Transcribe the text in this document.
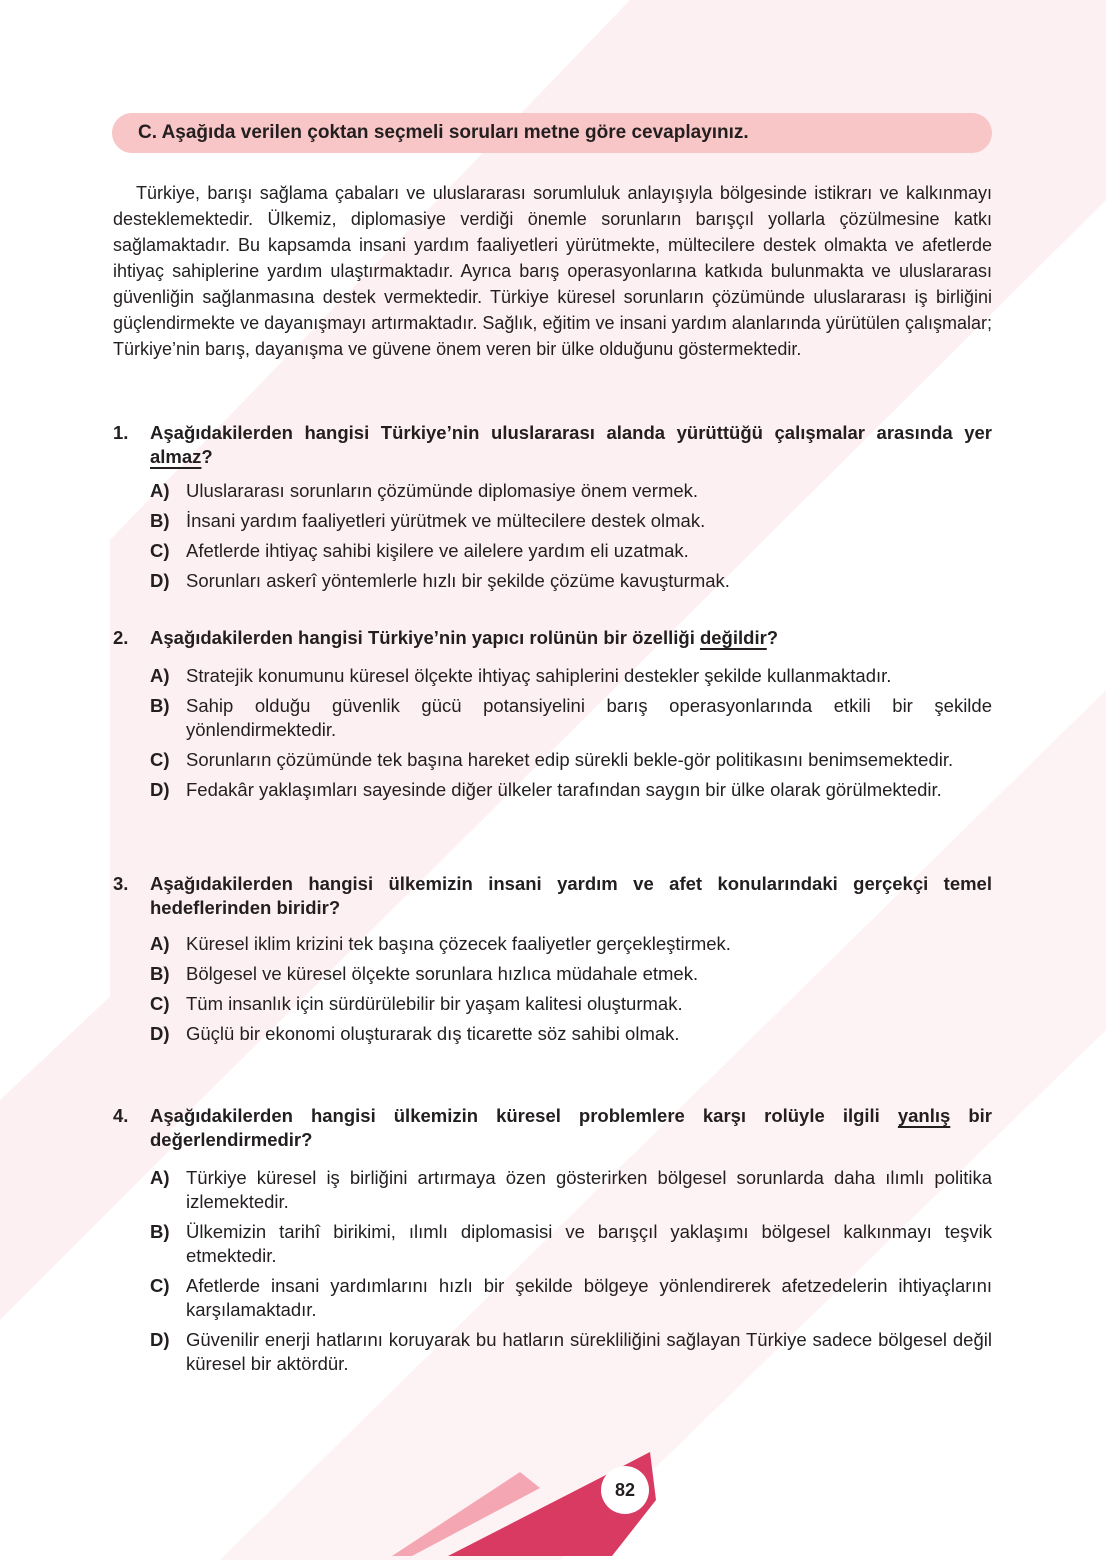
C. Aşağıda verilen çoktan seçmeli soruları metne göre cevaplayınız.

Türkiye, barışı sağlama çabaları ve uluslararası sorumluluk anlayışıyla bölgesinde istikrarı ve kalkınmayı desteklemektedir. Ülkemiz, diplomasiye verdiği önemle sorunların barışçıl yollarla çözülmesine katkı sağlamaktadır. Bu kapsamda insani yardım faaliyetleri yürütmekte, mültecilere destek olmakta ve afetlerde ihtiyaç sahiplerine yardım ulaştırmaktadır. Ayrıca barış operasyonlarına katkıda bulunmakta ve uluslararası güvenliğin sağlanmasına destek vermektedir. Türkiye küresel sorunların çözümünde uluslararası iş birliğini güçlendirmekte ve dayanışmayı artırmaktadır. Sağlık, eğitim ve insani yardım alanlarında yürütülen çalışmalar; Türkiye’nin barış, dayanışma ve güvene önem veren bir ülke olduğunu göstermektedir.

1. Aşağıdakilerden hangisi Türkiye’nin uluslararası alanda yürüttüğü çalışmalar arasında yer almaz?
A) Uluslararası sorunların çözümünde diplomasiye önem vermek.
B) İnsani yardım faaliyetleri yürütmek ve mültecilere destek olmak.
C) Afetlerde ihtiyaç sahibi kişilere ve ailelere yardım eli uzatmak.
D) Sorunları askerî yöntemlerle hızlı bir şekilde çözüme kavuşturmak.
2. Aşağıdakilerden hangisi Türkiye’nin yapıcı rolünün bir özelliği değildir?
A) Stratejik konumunu küresel ölçekte ihtiyaç sahiplerini destekler şekilde kullanmaktadır.
B) Sahip olduğu güvenlik gücü potansiyelini barış operasyonlarında etkili bir şekilde yönlendirmektedir.
C) Sorunların çözümünde tek başına hareket edip sürekli bekle-gör politikasını benimsemektedir.
D) Fedakâr yaklaşımları sayesinde diğer ülkeler tarafından saygın bir ülke olarak görülmektedir.
3. Aşağıdakilerden hangisi ülkemizin insani yardım ve afet konularındaki gerçekçi temel hedeflerinden biridir?
A) Küresel iklim krizini tek başına çözecek faaliyetler gerçekleştirmek.
B) Bölgesel ve küresel ölçekte sorunlara hızlıca müdahale etmek.
C) Tüm insanlık için sürdürülebilir bir yaşam kalitesi oluşturmak.
D) Güçlü bir ekonomi oluşturarak dış ticarette söz sahibi olmak.
4. Aşağıdakilerden hangisi ülkemizin küresel problemlere karşı rolüyle ilgili yanlış bir değerlendirmedir?
A) Türkiye küresel iş birliğini artırmaya özen gösterirken bölgesel sorunlarda daha ılımlı politika izlemektedir.
B) Ülkemizin tarihî birikimi, ılımlı diplomasisi ve barışçıl yaklaşımı bölgesel kalkınmayı teşvik etmektedir.
C) Afetlerde insani yardımlarını hızlı bir şekilde bölgeye yönlendirerek afetzedelerin ihtiyaçlarını karşılamaktadır.
D) Güvenilir enerji hatlarını koruyarak bu hatların sürekliliğini sağlayan Türkiye sadece bölgesel değil küresel bir aktördür.
82
